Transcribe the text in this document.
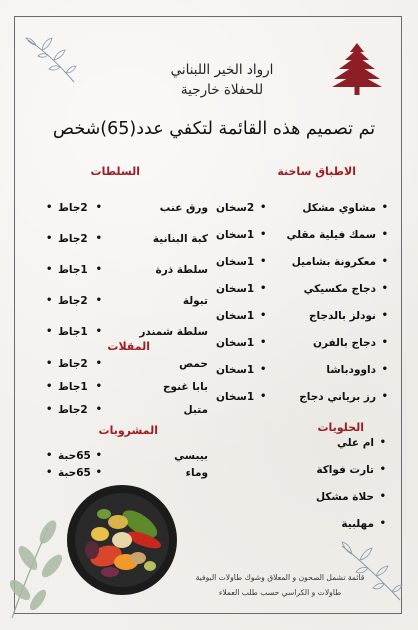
ارواد الخير اللبناني
للحفلاة خارجية
تم تصميم هذه القائمة لتكفي عدد(65)شخص
الاطباق ساخنة
السلطات
المقلات
المشروبات	الحلويات
مشاوي مشكل •
2سخان •
سمك فيلية مقلي •
1سخان •
معكرونة بشاميل •
1سخان •
دجاج مكسيكي •
1سخان •
نودلز بالدجاج •
1سخان •
دجاج بالفرن •
1سخان •
داوودباشا •
1سخان •
رز برياني دجاج •
1سخان •
ورق عنب
•
2جاط
•
كبة البنانية
•
2جاط
•
سلطة ذرة
•
1جاط
•
تبولة
•
2جاط
•
سلطة شمندر
•
1جاط
•
حمص
•
2جاط
•
بابا غنوج
•
1جاط
•
متبل
•
2جاط
•
بيبسي
•
65حبة
•
وماء
•
65حبة
•
ام علي •
تارت فواكة •
حلاة مشكل •
مهلبية •
قائمة تشمل الصحون و المعلاق وشوك طاولات البوفية
طاولات و الكراسي حسب طلب العملاء
